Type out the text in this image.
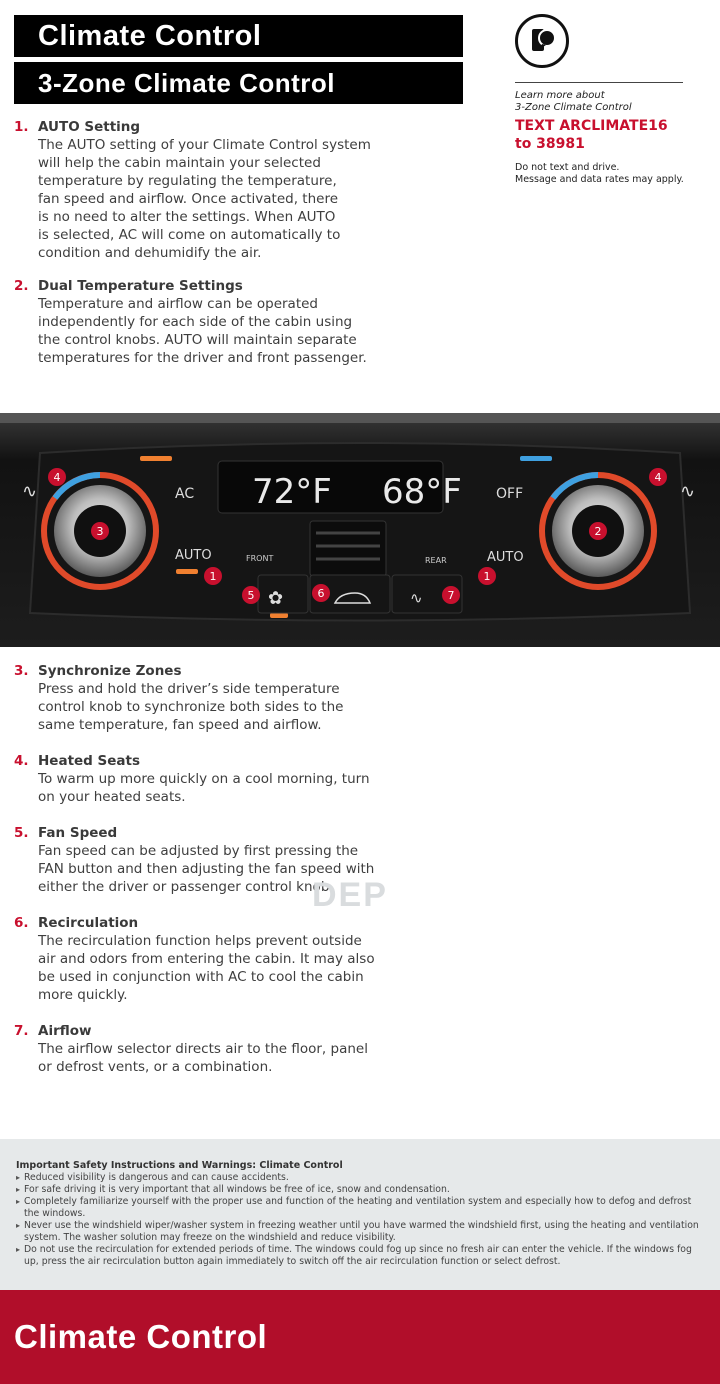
Climate Control
3-Zone Climate Control	Learn more about
3-Zone Climate Control
TEXT ARCLIMATE16
to 38981
Do not text and drive.
Message and data rates may apply.
1. AUTO Setting
The AUTO setting of your Climate Control system
will help the cabin maintain your selected
temperature by regulating the temperature,
fan speed and airflow. Once activated, there
is no need to alter the settings. When AUTO
is selected, AC will come on automatically to
condition and dehumidify the air.
2. Dual Temperature Settings
Temperature and airflow can be operated
independently for each side of the cabin using
the control knobs. AUTO will maintain separate
temperatures for the driver and front passenger.
72°F 68°F
AC	OFF
AUTO	AUTO
FRONT	REAR
✿	∿
∿	∿
4	4
3	2
1	1
5	6	7
3. Synchronize Zones
Press and hold the driver’s side temperature
control knob to synchronize both sides to the
same temperature, fan speed and airflow.
4. Heated Seats
To warm up more quickly on a cool morning, turn
on your heated seats.
5. Fan Speed
Fan speed can be adjusted by first pressing the
FAN button and then adjusting the fan speed with
either the driver or passenger control knob.
DEP
6. Recirculation
The recirculation function helps prevent outside
air and odors from entering the cabin. It may also
be used in conjunction with AC to cool the cabin
more quickly.
7. Airflow
The airflow selector directs air to the floor, panel
or defrost vents, or a combination.
Important Safety Instructions and Warnings: Climate Control
▸ Reduced visibility is dangerous and can cause accidents.
▸ For safe driving it is very important that all windows be free of ice, snow and condensation.
▸ Completely familiarize yourself with the proper use and function of the heating and ventilation system and especially how to defog and defrost
the windows.
▸ Never use the windshield wiper/washer system in freezing weather until you have warmed the windshield first, using the heating and ventilation
system. The washer solution may freeze on the windshield and reduce visibility.
▸ Do not use the recirculation for extended periods of time. The windows could fog up since no fresh air can enter the vehicle. If the windows fog
up, press the air recirculation button again immediately to switch off the air recirculation function or select defrost.
Climate Control
